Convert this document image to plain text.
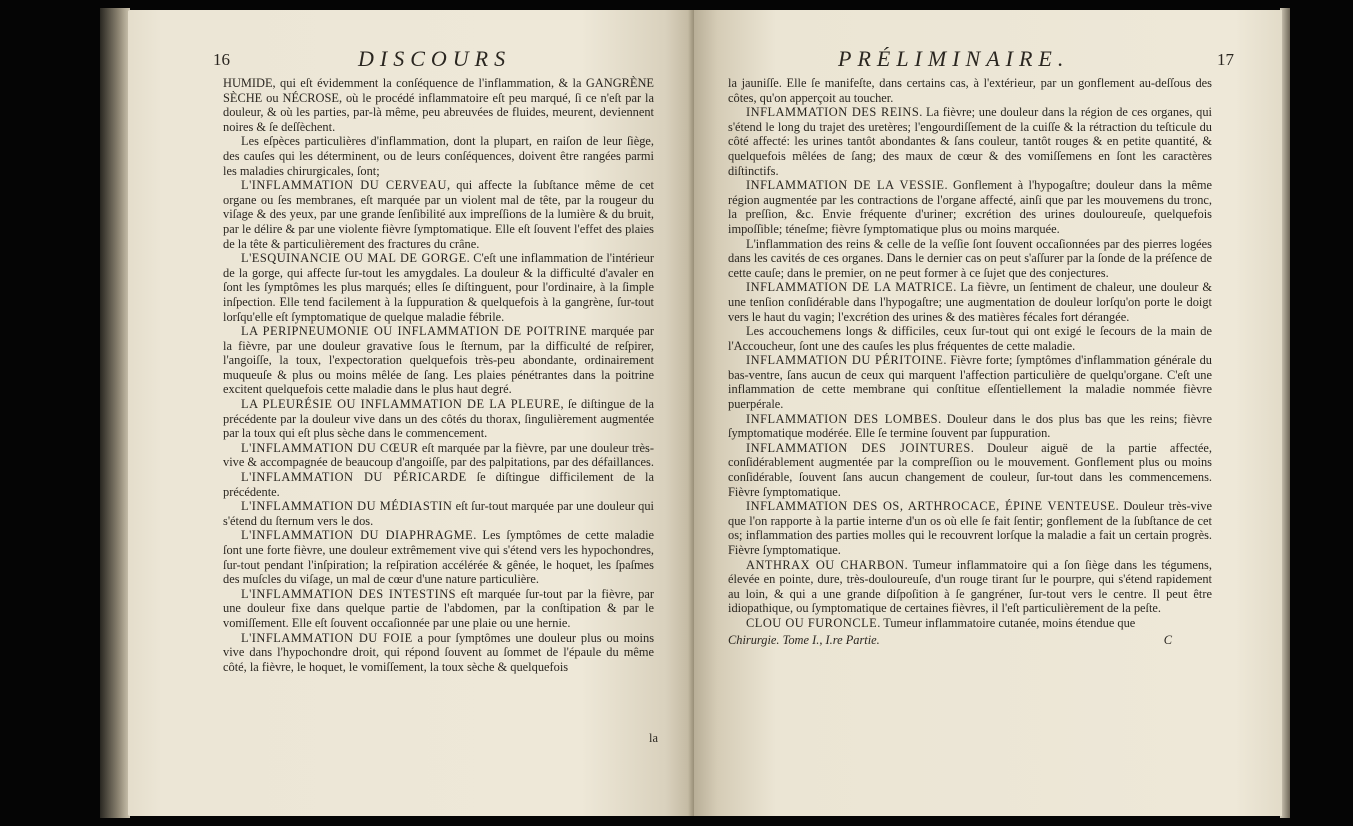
16	DISCOURS

HUMIDE, qui eſt évidemment la conſéquence de l'inflammation, & la GANGRÈNE SÈCHE ou NÉCROSE, où le procédé inflammatoire eſt peu marqué, ſi ce n'eſt par la douleur, & où les parties, par-là même, peu abreuvées de fluides, meurent, deviennent noires & ſe deſſèchent.

Les eſpèces particulières d'inflammation, dont la plupart, en raiſon de leur ſiège, des cauſes qui les déterminent, ou de leurs conſéquences, doivent être rangées parmi les maladies chirurgicales, ſont;

L'INFLAMMATION DU CERVEAU, qui affecte la ſubſtance même de cet organe ou ſes membranes, eſt marquée par un violent mal de tête, par la rougeur du viſage & des yeux, par une grande ſenſibilité aux impreſſions de la lumière & du bruit, par le délire & par une violente fièvre ſymptomatique. Elle eſt ſouvent l'effet des plaies de la tête & particulièrement des fractures du crâne.

L'ESQUINANCIE OU MAL DE GORGE. C'eſt une inflammation de l'intérieur de la gorge, qui affecte ſur-tout les amygdales. La douleur & la difficulté d'avaler en ſont les ſymptômes les plus marqués; elles ſe diſtinguent, pour l'ordinaire, à la ſimple inſpection. Elle tend facilement à la ſuppuration & quelquefois à la gangrène, ſur-tout lorſqu'elle eſt ſymptomatique de quelque maladie fébrile.

LA PERIPNEUMONIE OU INFLAMMATION DE POITRINE marquée par la fièvre, par une douleur gravative ſous le ſternum, par la difficulté de reſpirer, l'angoiſſe, la toux, l'expectoration quelquefois très-peu abondante, ordinairement muqueuſe & plus ou moins mêlée de ſang. Les plaies pénétrantes dans la poitrine excitent quelquefois cette maladie dans le plus haut degré.

LA PLEURÉSIE OU INFLAMMATION DE LA PLEURE, ſe diſtingue de la précédente par la douleur vive dans un des côtés du thorax, ſingulièrement augmentée par la toux qui eſt plus sèche dans le commencement.

L'INFLAMMATION DU CŒUR eſt marquée par la fièvre, par une douleur très-vive & accompagnée de beaucoup d'angoiſſe, par des palpitations, par des défaillances.

L'INFLAMMATION DU PÉRICARDE ſe diſtingue difficilement de la précédente.

L'INFLAMMATION DU MÉDIASTIN eſt ſur-tout marquée par une douleur qui s'étend du ſternum vers le dos.

L'INFLAMMATION DU DIAPHRAGME. Les ſymptômes de cette maladie ſont une forte fièvre, une douleur extrêmement vive qui s'étend vers les hypochondres, ſur-tout pendant l'inſpiration; la reſpiration accélérée & gênée, le hoquet, les ſpaſmes des muſcles du viſage, un mal de cœur d'une nature particulière.

L'INFLAMMATION DES INTESTINS eſt marquée ſur-tout par la fièvre, par une douleur fixe dans quelque partie de l'abdomen, par la conſtipation & par le vomiſſement. Elle eſt ſouvent occaſionnée par une plaie ou une hernie.

L'INFLAMMATION DU FOIE a pour ſymptômes une douleur plus ou moins vive dans l'hypochondre droit, qui répond ſouvent au ſommet de l'épaule du même côté, la fièvre, le hoquet, le vomiſſement, la toux sèche & quelquefois

la
PRÉLIMINAIRE.	17

la jauniſſe. Elle ſe manifeſte, dans certains cas, à l'extérieur, par un gonflement au-deſſous des côtes, qu'on apperçoit au toucher.

INFLAMMATION DES REINS. La fièvre; une douleur dans la région de ces organes, qui s'étend le long du trajet des uretères; l'engourdiſſement de la cuiſſe & la rétraction du teſticule du côté affecté: les urines tantôt abondantes & ſans couleur, tantôt rouges & en petite quantité, & quelquefois mêlées de ſang; des maux de cœur & des vomiſſemens en ſont les caractères diſtinctifs.

INFLAMMATION DE LA VESSIE. Gonflement à l'hypogaſtre; douleur dans la même région augmentée par les contractions de l'organe affecté, ainſi que par les mouvemens du tronc, la preſſion, &c. Envie fréquente d'uriner; excrétion des urines douloureuſe, quelquefois impoſſible; téneſme; fièvre ſymptomatique plus ou moins marquée.

L'inflammation des reins & celle de la veſſie ſont ſouvent occaſionnées par des pierres logées dans les cavités de ces organes. Dans le dernier cas on peut s'aſſurer par la ſonde de la préſence de cette cauſe; dans le premier, on ne peut former à ce ſujet que des conjectures.

INFLAMMATION DE LA MATRICE. La fièvre, un ſentiment de chaleur, une douleur & une tenſion conſidérable dans l'hypogaſtre; une augmentation de douleur lorſqu'on porte le doigt vers le haut du vagin; l'excrétion des urines & des matières fécales fort dérangée.

Les accouchemens longs & difficiles, ceux ſur-tout qui ont exigé le ſecours de la main de l'Accoucheur, ſont une des cauſes les plus fréquentes de cette maladie.

INFLAMMATION DU PÉRITOINE. Fièvre forte; ſymptômes d'inflammation générale du bas-ventre, ſans aucun de ceux qui marquent l'affection particulière de quelqu'organe. C'eſt une inflammation de cette membrane qui conſtitue eſſentiellement la maladie nommée fièvre puerpérale.

INFLAMMATION DES LOMBES. Douleur dans le dos plus bas que les reins; fièvre ſymptomatique modérée. Elle ſe termine ſouvent par ſuppuration.

INFLAMMATION DES JOINTURES. Douleur aiguë de la partie affectée, conſidérablement augmentée par la compreſſion ou le mouvement. Gonflement plus ou moins conſidérable, ſouvent ſans aucun changement de couleur, ſur-tout dans les commencemens. Fièvre ſymptomatique.

INFLAMMATION DES OS, ARTHROCACE, ÉPINE VENTEUSE. Douleur très-vive que l'on rapporte à la partie interne d'un os où elle ſe fait ſentir; gonflement de la ſubſtance de cet os; inflammation des parties molles qui le recouvrent lorſque la maladie a fait un certain progrès. Fièvre ſymptomatique.

ANTHRAX OU CHARBON. Tumeur inflammatoire qui a ſon ſiège dans les tégumens, élevée en pointe, dure, très-douloureuſe, d'un rouge tirant ſur le pourpre, qui s'étend rapidement au loin, & qui a une grande diſpoſition à ſe gangréner, ſur-tout vers le centre. Il peut être idiopathique, ou ſymptomatique de certaines fièvres, il l'eſt particulièrement de la peſte.

CLOU OU FURONCLE. Tumeur inflammatoire cutanée, moins étendue que

Chirurgie. Tome I., I.re Partie.	C
